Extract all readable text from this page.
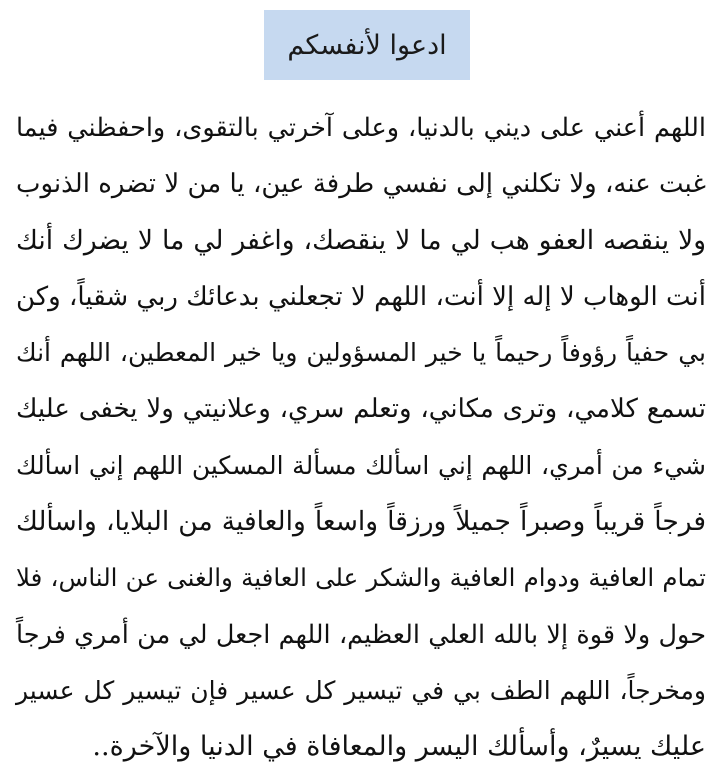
ادعوا لأنفسكم
اللهم أعني على ديني بالدنيا، وعلى آخرتي بالتقوى، واحفظني فيما
غبت عنه، ولا تكلني إلى نفسي طرفة عين، يا من لا تضره الذنوب
ولا ينقصه العفو هب لي ما لا ينقصك، واغفر لي ما لا يضرك أنك
أنت الوهاب لا إله إلا أنت، اللهم لا تجعلني بدعائك ربي شقياً، وكن
بي حفياً رؤوفاً رحيماً يا خير المسؤولين ويا خير المعطين، اللهم أنك
تسمع كلامي، وترى مكاني، وتعلم سري، وعلانيتي ولا يخفى عليك
شيء من أمري، اللهم إني اسألك مسألة المسكين اللهم إني اسألك
فرجاً قريباً وصبراً جميلاً ورزقاً واسعاً والعافية من البلايا، واسألك
تمام العافية ودوام العافية والشكر على العافية والغنى عن الناس، فلا
حول ولا قوة إلا بالله العلي العظيم، اللهم اجعل لي من أمري فرجاً
ومخرجاً، اللهم الطف بي في تيسير كل عسير فإن تيسير كل عسير
عليك يسيرٌ، وأسألك اليسر والمعافاة في الدنيا والآخرة..
